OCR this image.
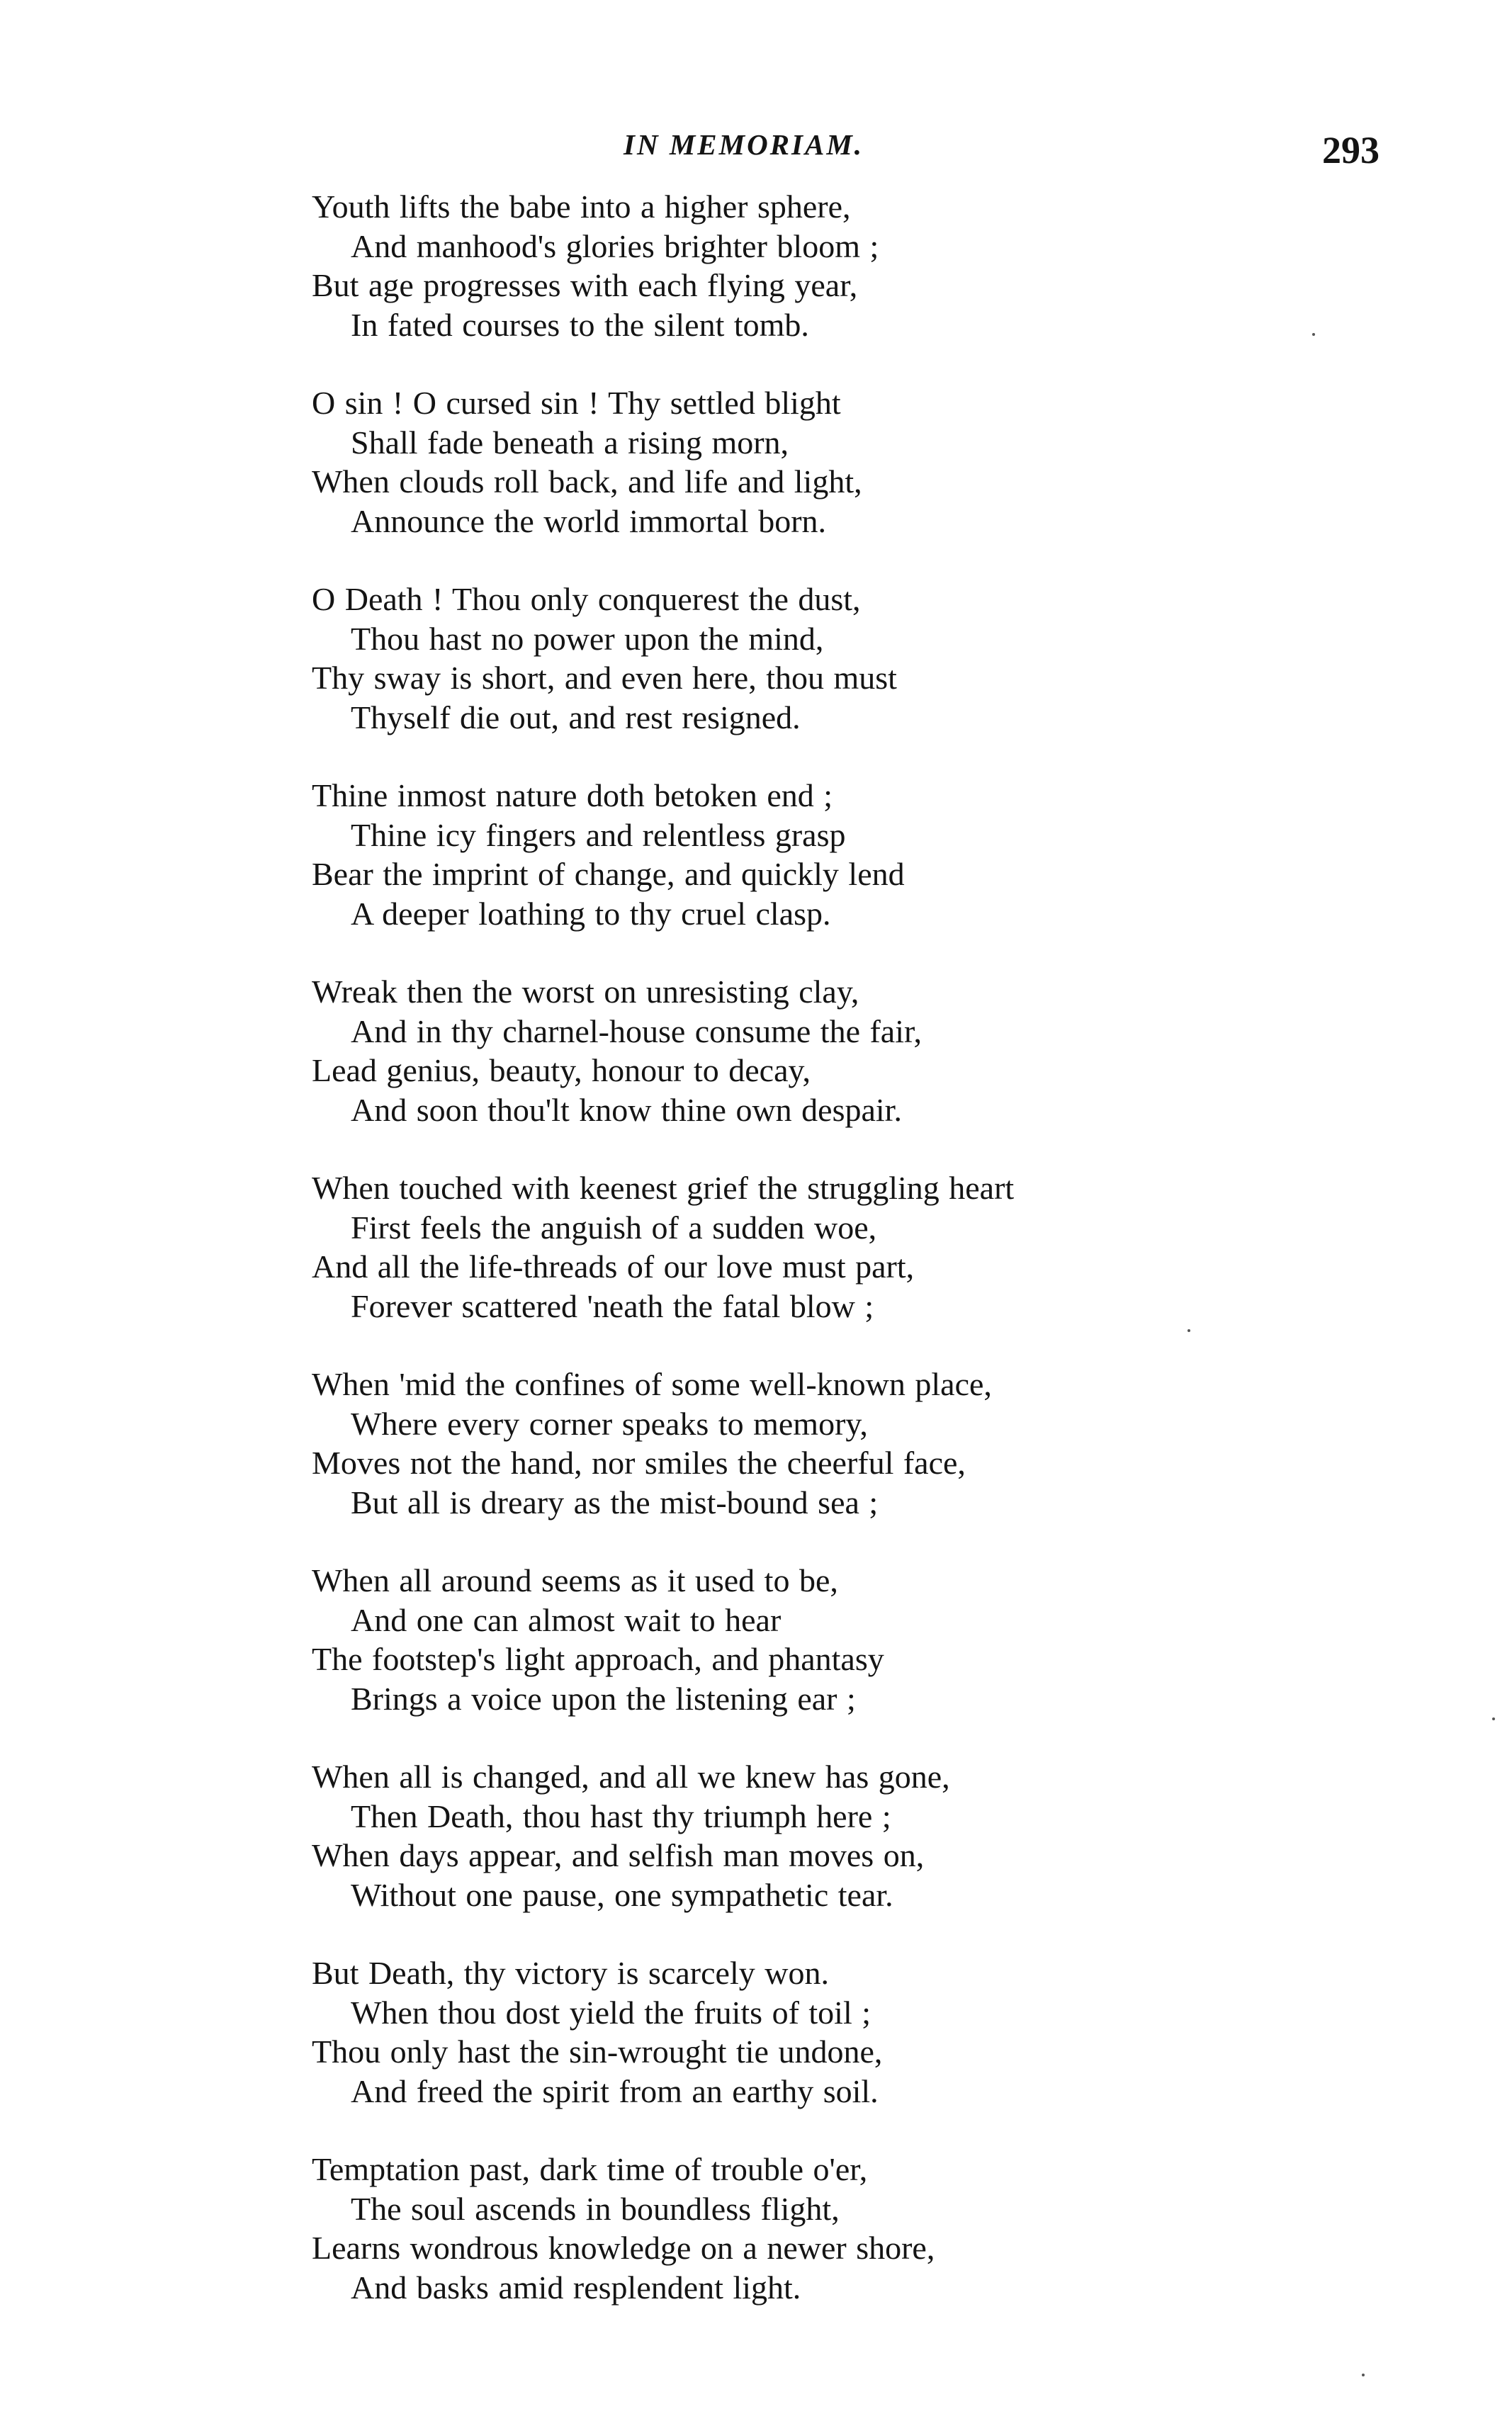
IN MEMORIAM.	293
Youth lifts the babe into a higher sphere,
And manhood's glories brighter bloom ;
But age progresses with each flying year,
In fated courses to the silent tomb.
O sin ! O cursed sin ! Thy settled blight
Shall fade beneath a rising morn,
When clouds roll back, and life and light,
Announce the world immortal born.
O Death ! Thou only conquerest the dust,
Thou hast no power upon the mind,
Thy sway is short, and even here, thou must
Thyself die out, and rest resigned.
Thine inmost nature doth betoken end ;
Thine icy fingers and relentless grasp
Bear the imprint of change, and quickly lend
A deeper loathing to thy cruel clasp.
Wreak then the worst on unresisting clay,
And in thy charnel-house consume the fair,
Lead genius, beauty, honour to decay,
And soon thou'lt know thine own despair.
When touched with keenest grief the struggling heart
First feels the anguish of a sudden woe,
And all the life-threads of our love must part,
Forever scattered 'neath the fatal blow ;
When 'mid the confines of some well-known place,
Where every corner speaks to memory,
Moves not the hand, nor smiles the cheerful face,
But all is dreary as the mist-bound sea ;
When all around seems as it used to be,
And one can almost wait to hear
The footstep's light approach, and phantasy
Brings a voice upon the listening ear ;
When all is changed, and all we knew has gone,
Then Death, thou hast thy triumph here ;
When days appear, and selfish man moves on,
Without one pause, one sympathetic tear.
But Death, thy victory is scarcely won.
When thou dost yield the fruits of toil ;
Thou only hast the sin-wrought tie undone,
And freed the spirit from an earthy soil.
Temptation past, dark time of trouble o'er,
The soul ascends in boundless flight,
Learns wondrous knowledge on a newer shore,
And basks amid resplendent light.
